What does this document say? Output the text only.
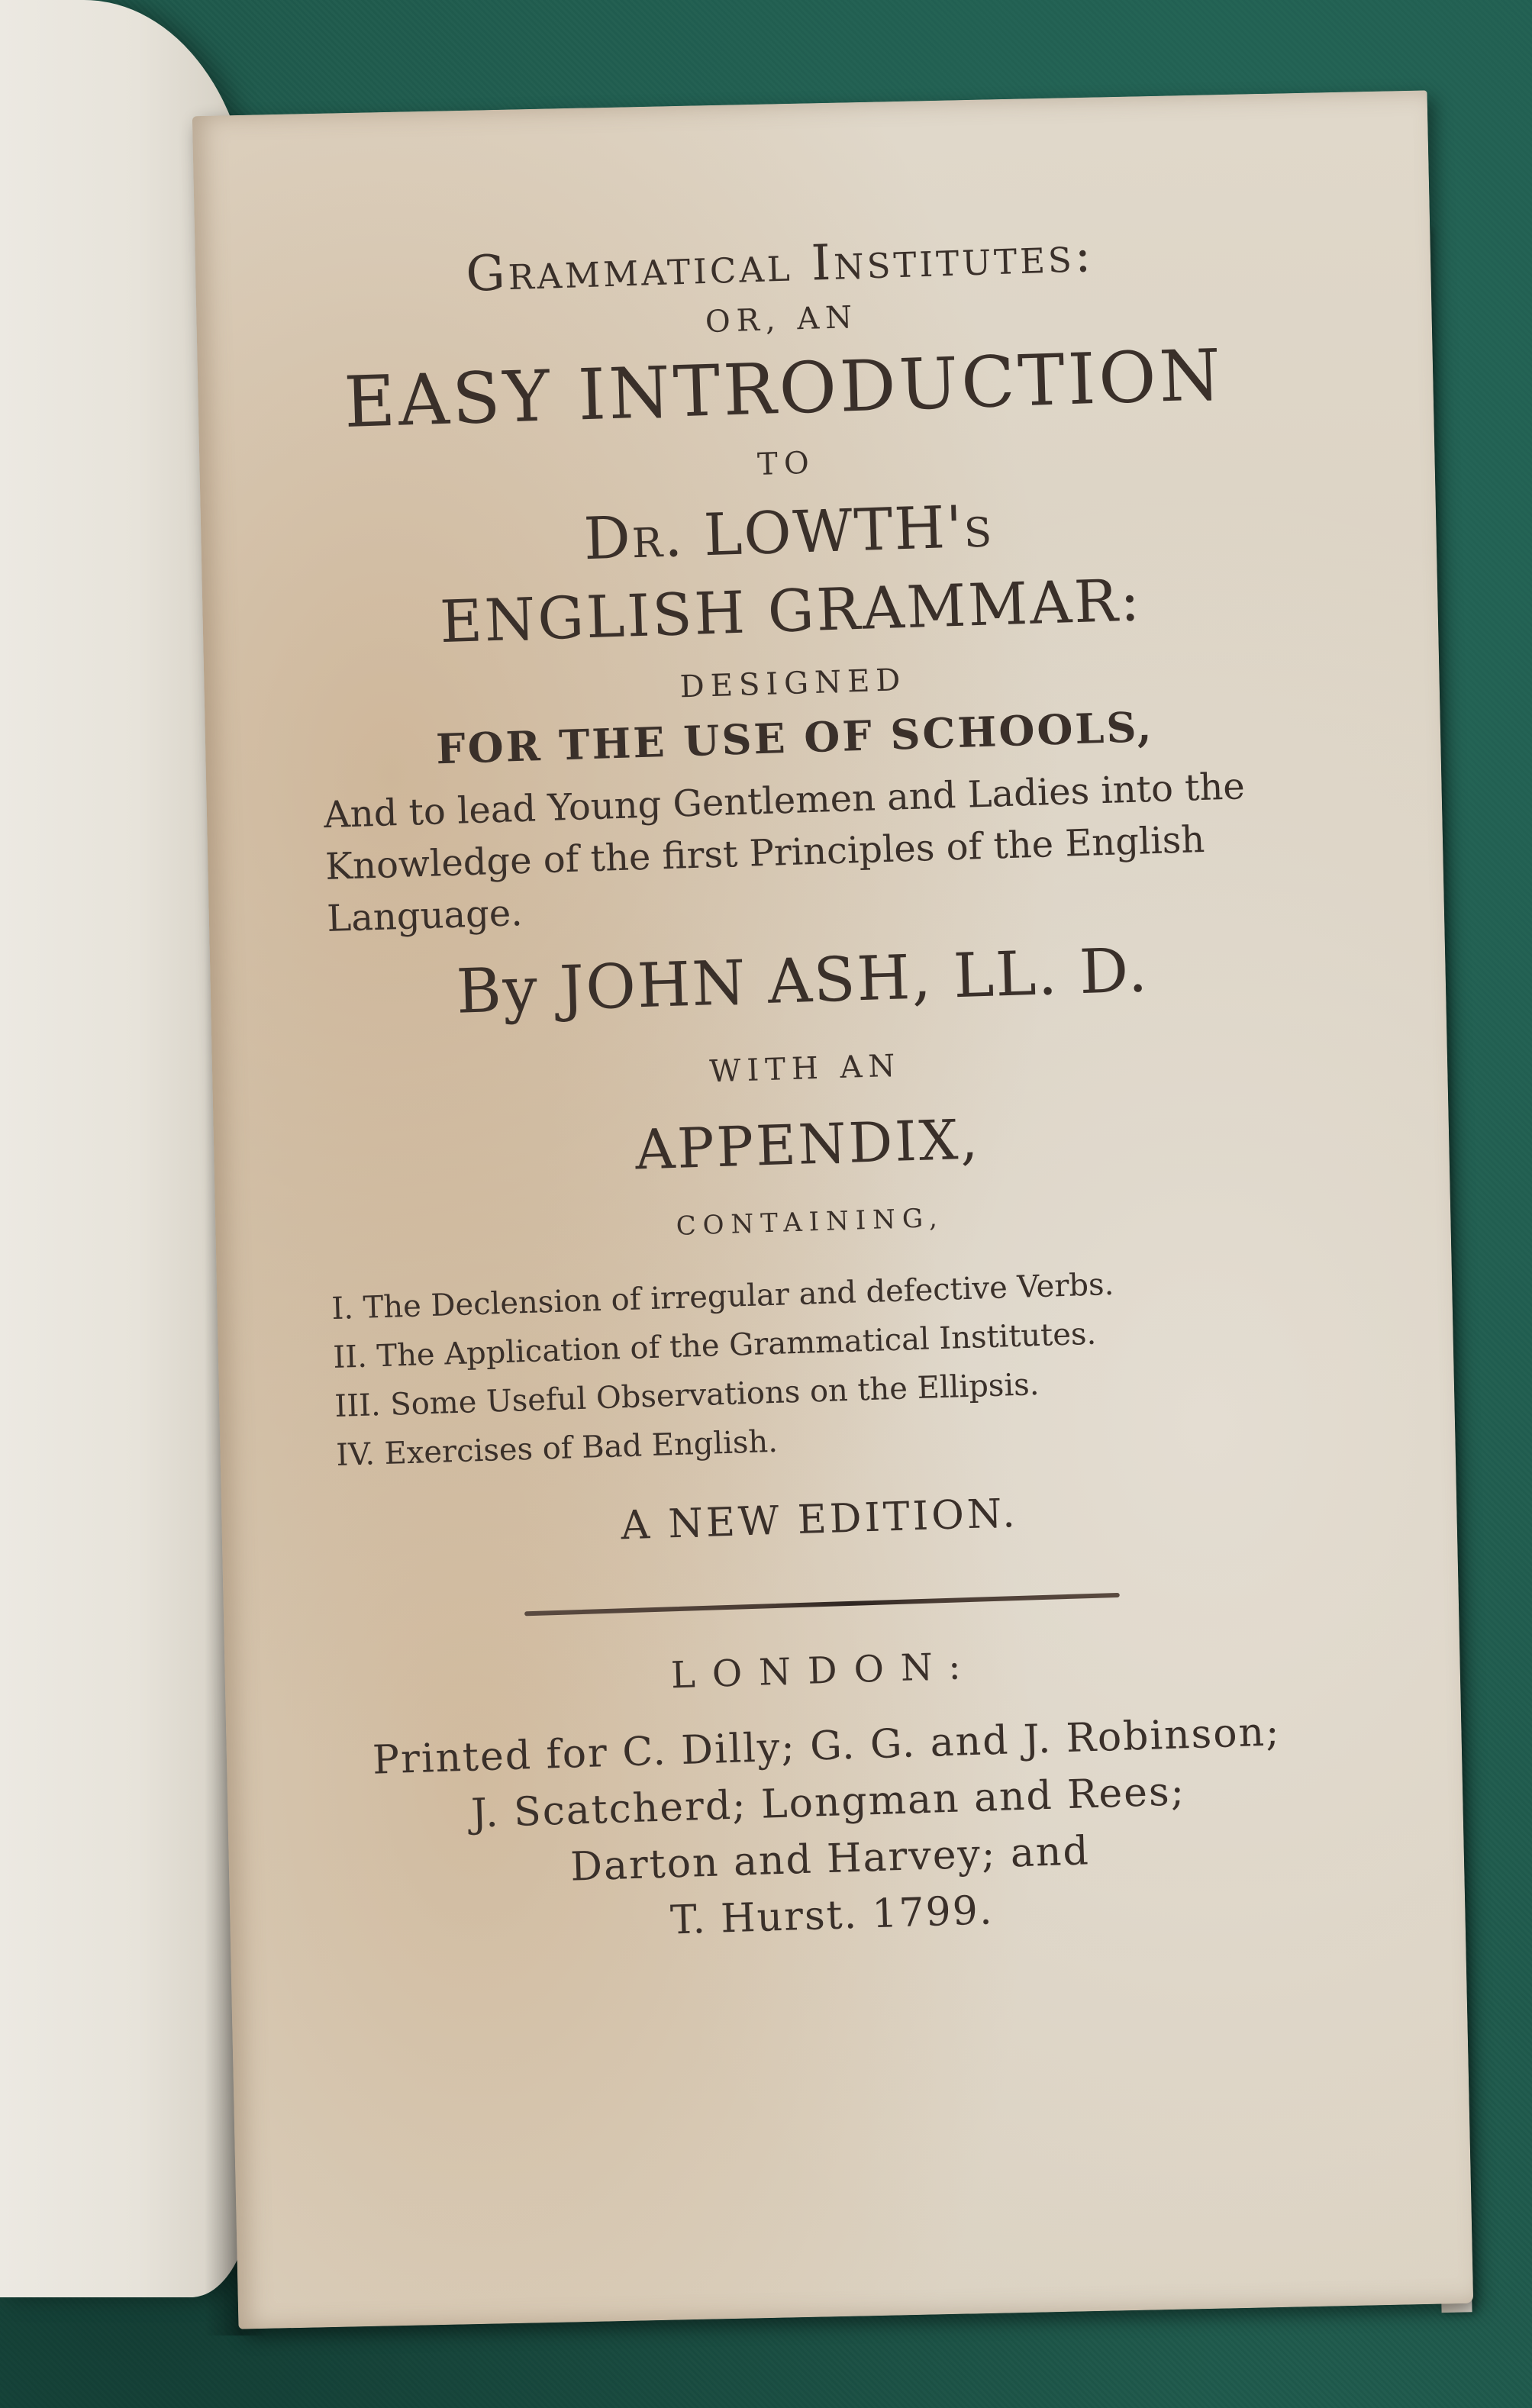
Grammatical Institutes:
OR, AN
EASY INTRODUCTION
TO
Dr. LOWTH's
ENGLISH GRAMMAR:
DESIGNED
FOR THE USE OF SCHOOLS,
And to lead Young Gentlemen and Ladies into the Knowledge of the first Principles of the English Language.
By JOHN ASH, LL. D.
WITH AN
APPENDIX,
CONTAINING,
I. The Declension of irregular and defective Verbs.
II. The Application of the Grammatical Institutes.
III. Some Useful Observations on the Ellipsis.
IV. Exercises of Bad English.
A NEW EDITION.
LONDON:
Printed for C. Dilly; G. G. and J. Robinson;
J. Scatcherd; Longman and Rees;
Darton and Harvey; and
T. Hurst. 1799.
